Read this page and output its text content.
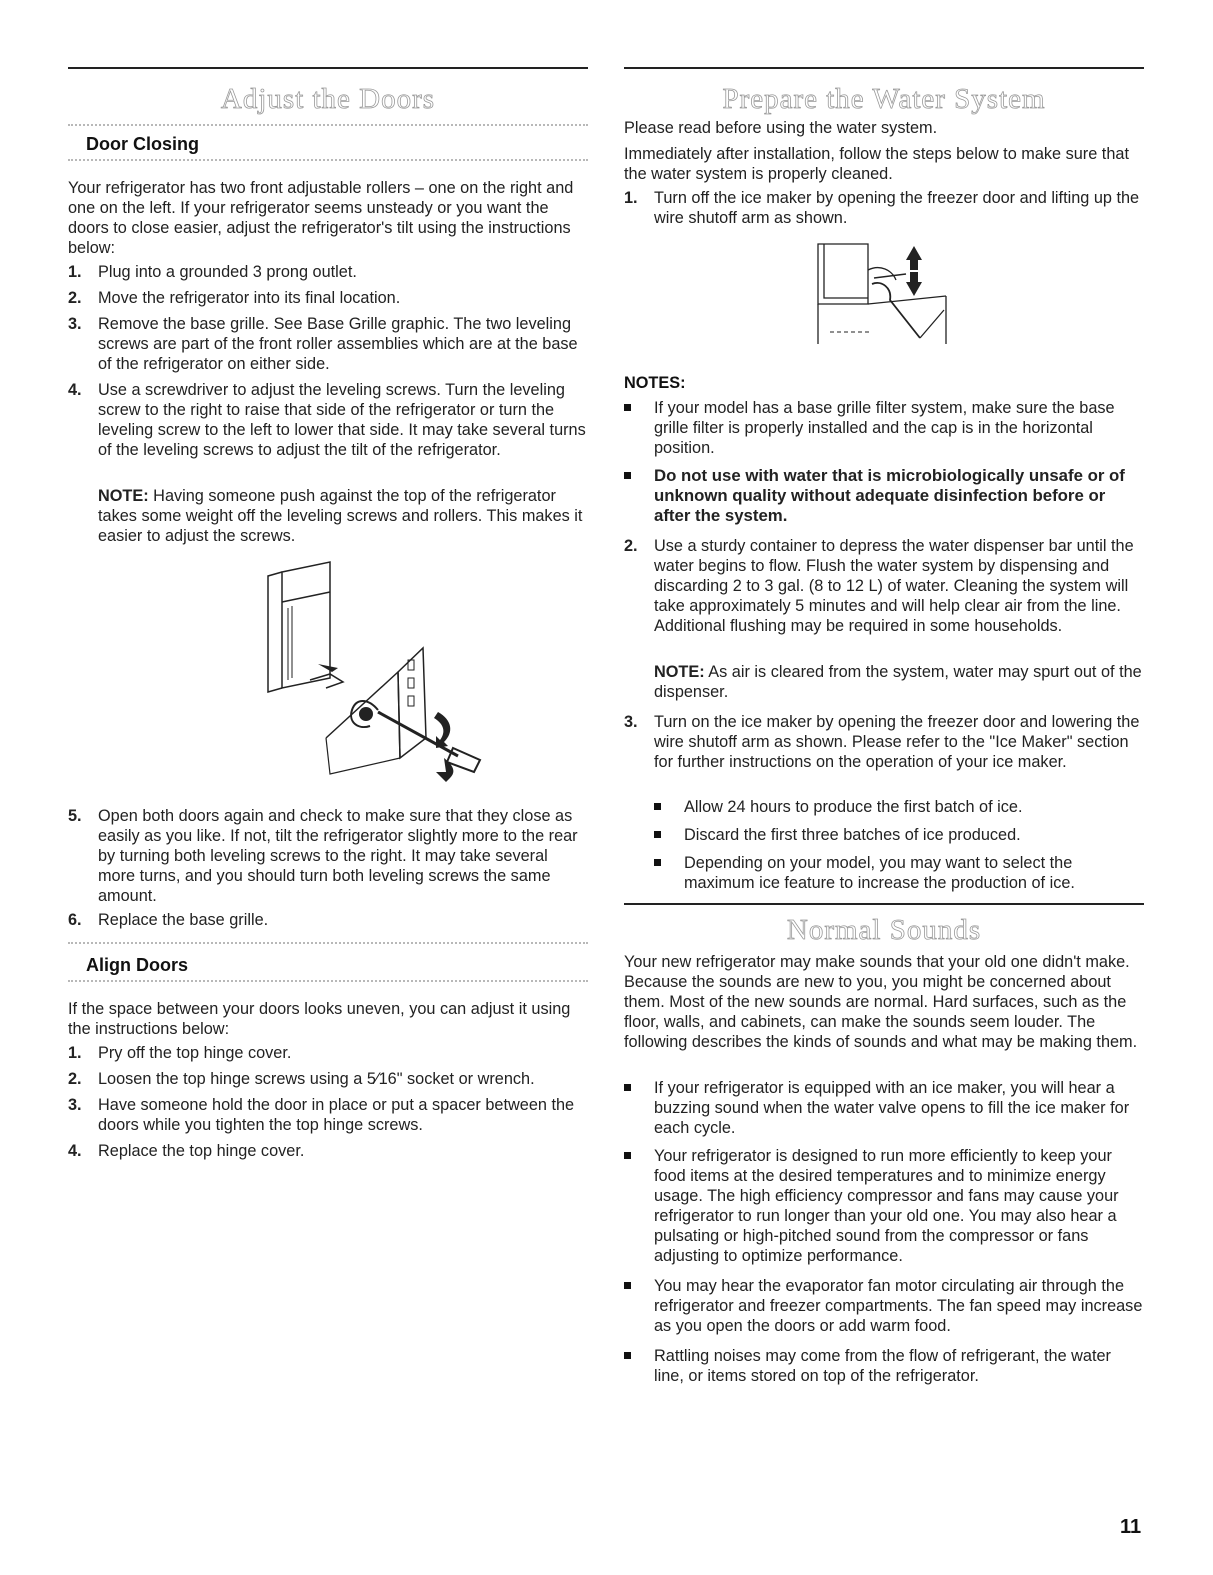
Adjust the Doors
Door Closing
Your refrigerator has two front adjustable rollers – one on the right and one on the left. If your refrigerator seems unsteady or you want the doors to close easier, adjust the refrigerator's tilt using the instructions below:
1.	Plug into a grounded 3 prong outlet.
2.	Move the refrigerator into its final location.
3.	Remove the base grille. See Base Grille graphic. The two leveling screws are part of the front roller assemblies which are at the base of the refrigerator on either side.
4.	Use a screwdriver to adjust the leveling screws. Turn the leveling screw to the right to raise that side of the refrigerator or turn the leveling screw to the left to lower that side. It may take several turns of the leveling screws to adjust the tilt of the refrigerator.
NOTE: Having someone push against the top of the refrigerator takes some weight off the leveling screws and rollers. This makes it easier to adjust the screws.
5.	Open both doors again and check to make sure that they close as easily as you like. If not, tilt the refrigerator slightly more to the rear by turning both leveling screws to the right. It may take several more turns, and you should turn both leveling screws the same amount.
6.	Replace the base grille.
Align Doors
If the space between your doors looks uneven, you can adjust it using the instructions below:
1.	Pry off the top hinge cover.
2.	Loosen the top hinge screws using a 5⁄16" socket or wrench.
3.	Have someone hold the door in place or put a spacer between the doors while you tighten the top hinge screws.
4.	Replace the top hinge cover.
Prepare the Water System
Please read before using the water system.
Immediately after installation, follow the steps below to make sure that the water system is properly cleaned.
1.	Turn off the ice maker by opening the freezer door and lifting up the wire shutoff arm as shown.
NOTES:
If your model has a base grille filter system, make sure the base grille filter is properly installed and the cap is in the horizontal position.
Do not use with water that is microbiologically unsafe or of unknown quality without adequate disinfection before or after the system.
2.	Use a sturdy container to depress the water dispenser bar until the water begins to flow. Flush the water system by dispensing and discarding 2 to 3 gal. (8 to 12 L) of water. Cleaning the system will take approximately 5 minutes and will help clear air from the line. Additional flushing may be required in some households.
NOTE: As air is cleared from the system, water may spurt out of the dispenser.
3.	Turn on the ice maker by opening the freezer door and lowering the wire shutoff arm as shown. Please refer to the "Ice Maker" section for further instructions on the operation of your ice maker.
Allow 24 hours to produce the first batch of ice.
Discard the first three batches of ice produced.
Depending on your model, you may want to select the maximum ice feature to increase the production of ice.
Normal Sounds
Your new refrigerator may make sounds that your old one didn't make. Because the sounds are new to you, you might be concerned about them. Most of the new sounds are normal. Hard surfaces, such as the floor, walls, and cabinets, can make the sounds seem louder. The following describes the kinds of sounds and what may be making them.
If your refrigerator is equipped with an ice maker, you will hear a buzzing sound when the water valve opens to fill the ice maker for each cycle.
Your refrigerator is designed to run more efficiently to keep your food items at the desired temperatures and to minimize energy usage. The high efficiency compressor and fans may cause your refrigerator to run longer than your old one. You may also hear a pulsating or high-pitched sound from the compressor or fans adjusting to optimize performance.
You may hear the evaporator fan motor circulating air through the refrigerator and freezer compartments. The fan speed may increase as you open the doors or add warm food.
Rattling noises may come from the flow of refrigerant, the water line, or items stored on top of the refrigerator.
11
